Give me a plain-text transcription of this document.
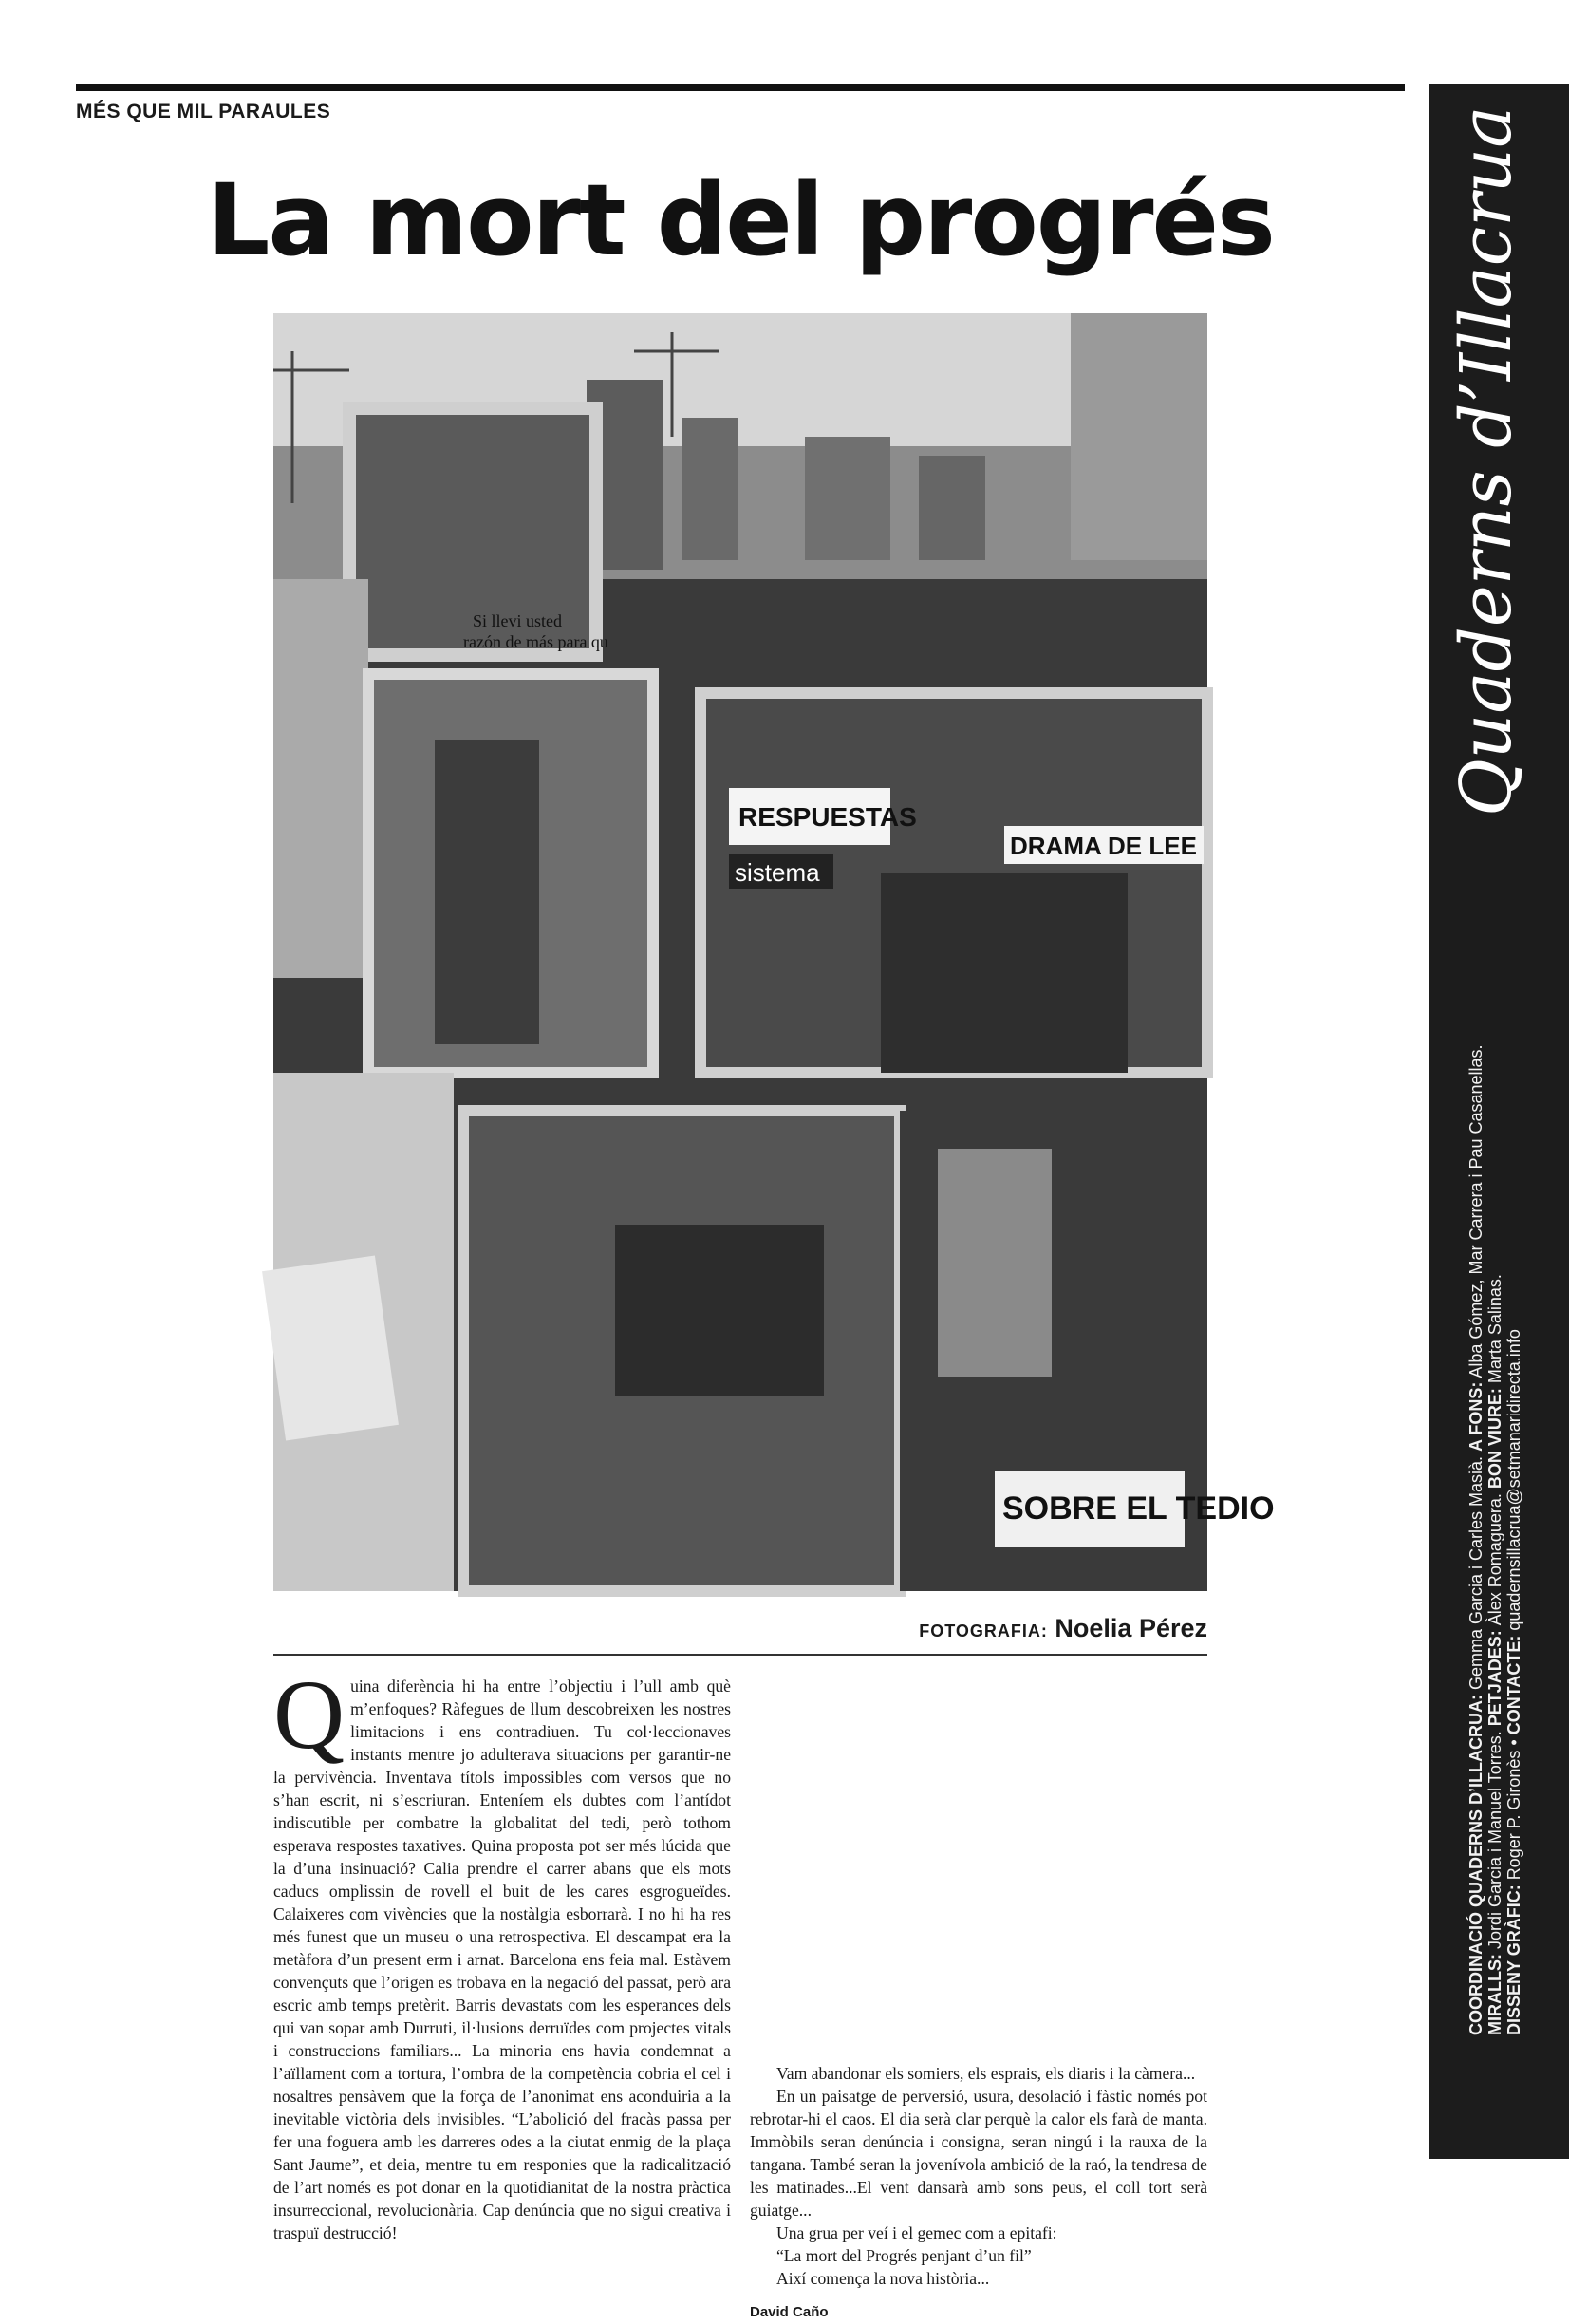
MÉS QUE MIL PARAULES
La mort del progrés
RESPUESTAS
sistema
DRAMA DE LEE
Si llevi usted
razón de más para qu
SOBRE EL TEDIO
FOTOGRAFIA: Noelia Pérez

Quina diferència hi ha entre l’objectiu i l’ull amb què m’enfoques? Ràfegues de llum descobreixen les nostres limitacions i ens contradiuen. Tu col·leccionaves instants mentre jo adulterava situacions per garantir-ne la pervivència. Inventava títols impossibles com versos que no s’han escrit, ni s’escriuran. Enteníem els dubtes com l’antídot indiscutible per combatre la globalitat del tedi, però tothom esperava respostes taxatives. Quina proposta pot ser més lúcida que la d’una insinuació? Calia prendre el carrer abans que els mots caducs omplissin de rovell el buit de les cares esgrogueïdes. Calaixeres com vivències que la nostàlgia esborrarà. I no hi ha res més funest que un museu o una retrospectiva. El descampat era la metàfora d’un present erm i arnat. Barcelona ens feia mal. Estàvem convençuts que l’origen es trobava en la negació del passat, però ara escric amb temps pretèrit. Barris devastats com les esperances dels qui van sopar amb Durruti, il·lusions derruïdes com projectes vitals i construccions familiars... La minoria ens havia condemnat a l’aïllament com a tortura, l’ombra de la competència cobria el cel i nosaltres pensàvem que la força de l’anonimat ens aconduiria a la inevitable victòria dels invisibles. “L’abolició del fracàs passa per fer una foguera amb les darreres odes a la ciutat enmig de la plaça Sant Jaume”, et deia, mentre tu em responies que la radicalització de l’art només es pot donar en la quotidianitat de la nostra pràctica insurreccional, revolucionària. Cap denúncia que no sigui creativa i traspuï destrucció!

Vam abandonar els somiers, els esprais, els diaris i la càmera...

En un paisatge de perversió, usura, desolació i fàstic només pot rebrotar-hi el caos. El dia serà clar perquè la calor els farà de manta. Immòbils seran denúncia i consigna, seran ningú i la rauxa de la tangana. També seran la jovenívola ambició de la raó, la tendresa de les matinades...El vent dansarà amb sons peus, el coll tort serà guiatge...

Una grua per veí i el gemec com a epitafi:

“La mort del Progrés penjant d’un fil”

Així comença la nova història...

David Caño
Quaderns d’Illacrua
COORDINACIÓ QUADERNS D’ILLACRUA: Gemma Garcia i Carles Masià. A FONS: Alba Gómez, Mar Carrera i Pau Casanellas.
MIRALLS: Jordi Garcia i Manuel Torres. PETJADES: Àlex Romaguera. BON VIURE: Marta Salinas.
DISSENY GRÀFIC: Roger P. Gironès • CONTACTE: quadernsillacrua@setmanaridirecta.info
